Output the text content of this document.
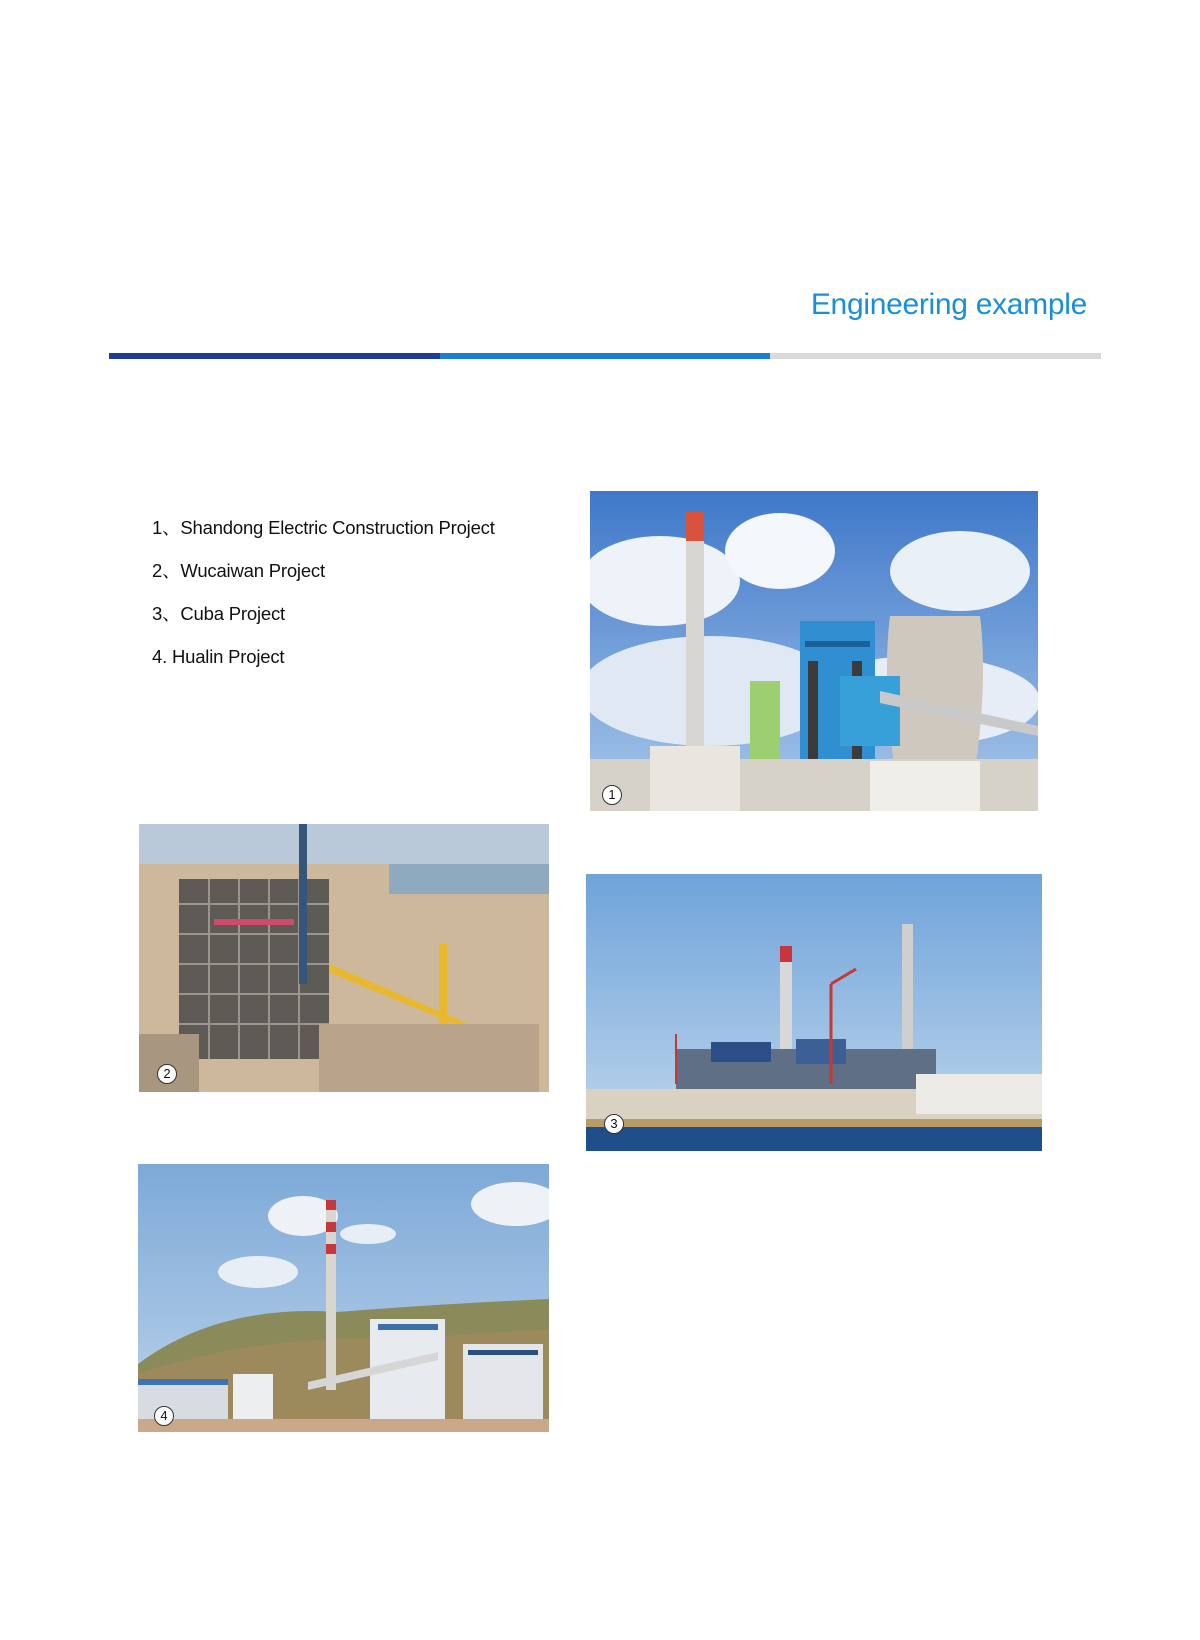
Engineering example
1、Shandong Electric Construction Project
2、Wucaiwan Project
3、Cuba Project
4. Hualin Project
1
2
3
4
